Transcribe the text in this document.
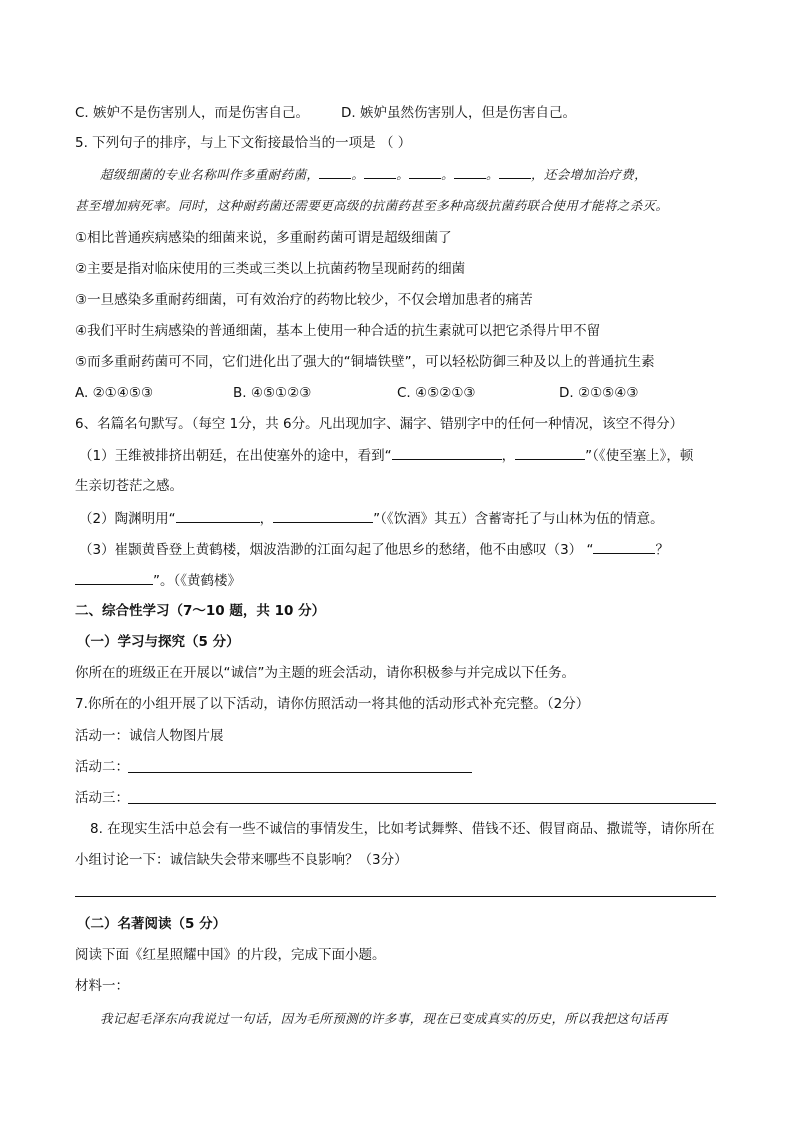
C. 嫉妒不是伤害别人，而是伤害自己。 D. 嫉妒虽然伤害别人，但是伤害自己。
5. 下列句子的排序，与上下文衔接最恰当的一项是 （ ）
超级细菌的专业名称叫作多重耐药菌，	。	。	。	。	，还会增加治疗费，
甚至增加病死率。同时，这种耐药菌还需要更高级的抗菌药甚至多种高级抗菌药联合使用才能将之杀灭。
①相比普通疾病感染的细菌来说，多重耐药菌可谓是超级细菌了
②主要是指对临床使用的三类或三类以上抗菌药物呈现耐药的细菌
③一旦感染多重耐药细菌，可有效治疗的药物比较少，不仅会增加患者的痛苦
④我们平时生病感染的普通细菌，基本上使用一种合适的抗生素就可以把它杀得片甲不留
⑤而多重耐药菌可不同，它们进化出了强大的“铜墙铁壁”，可以轻松防御三种及以上的普通抗生素
A. ②①④⑤③	B. ④⑤①②③	C. ④⑤②①③	D. ②①⑤④③
6、名篇名句默写。（每空 1分，共 6分。凡出现加字、漏字、错别字中的任何一种情况，该空不得分）
（1）王维被排挤出朝廷，在出使塞外的途中，看到“	，	”（《使至塞上》，顿
生亲切苍茫之感。
（2）陶渊明用“	，	”（《饮酒》其五）含蓄寄托了与山林为伍的情意。
（3）崔颢黄昏登上黄鹤楼，烟波浩渺的江面勾起了他思乡的愁绪，他不由感叹（3） “	？
”。（《黄鹤楼》
二、综合性学习（7～10 题，共 10 分）
（一）学习与探究（5 分）
你所在的班级正在开展以“诚信”为主题的班会活动，请你积极参与并完成以下任务。
7.你所在的小组开展了以下活动，请你仿照活动一将其他的活动形式补充完整。（2分）
活动一：诚信人物图片展
活动二：
活动三：
8. 在现实生活中总会有一些不诚信的事情发生，比如考试舞弊、借钱不还、假冒商品、撒谎等，请你所在
小组讨论一下：诚信缺失会带来哪些不良影响？（3分）
（二）名著阅读（5 分）
阅读下面《红星照耀中国》的片段，完成下面小题。
材料一：
我记起毛泽东向我说过一句话，因为毛所预测的许多事，现在已变成真实的历史，所以我把这句话再
